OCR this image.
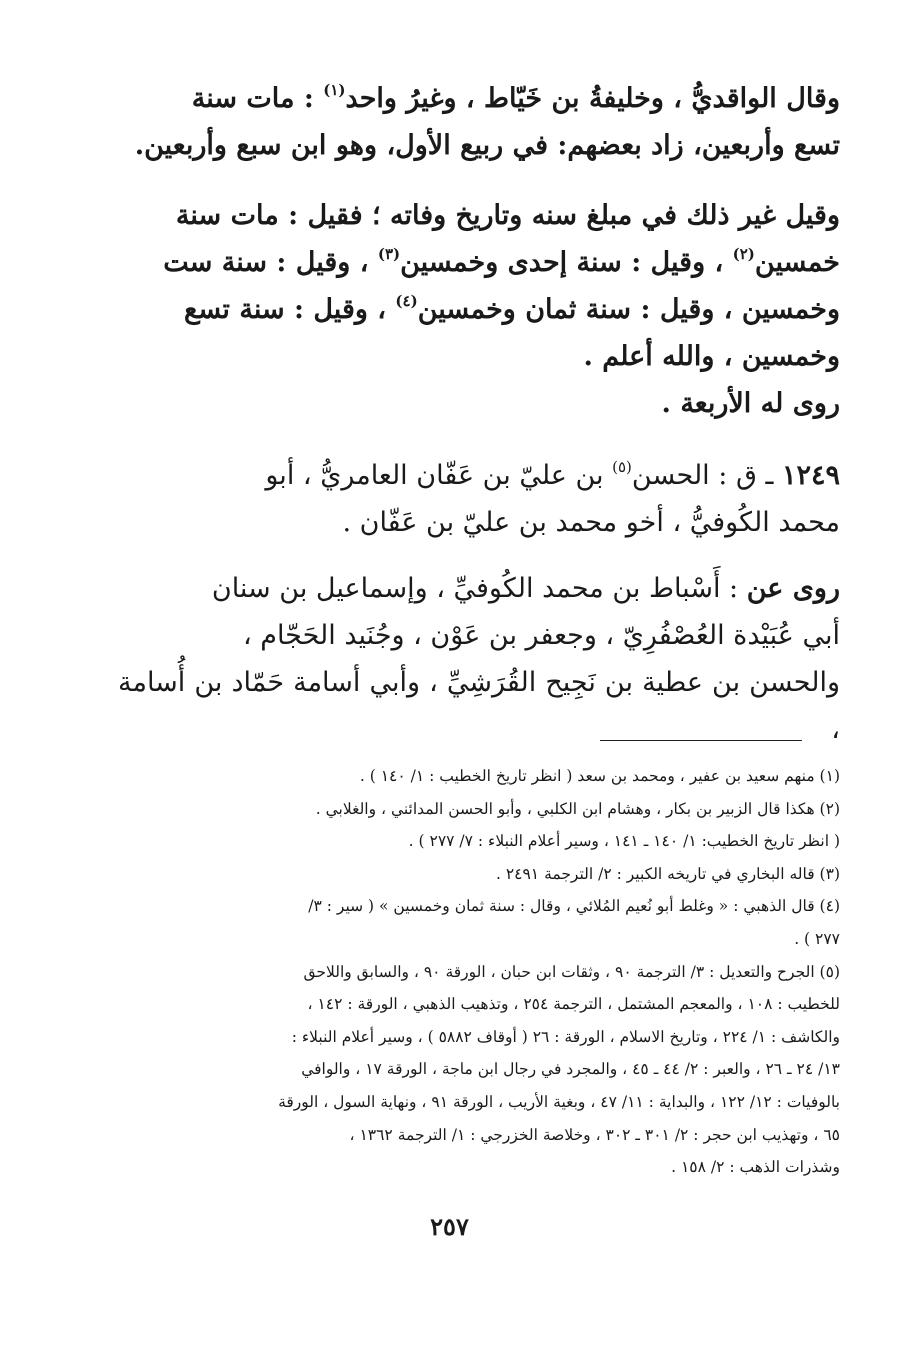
وقال الواقديُّ ، وخليفةُ بن خَيّاط ، وغيرُ واحد$^{(١)}$ : مات سنة
تسع وأربعين، زاد بعضهم: في ربيع الأول، وهو ابن سبع وأربعين.
وقيل غير ذلك في مبلغ سنه وتاريخ وفاته ؛ فقيل : مات سنة
خمسين$^{(٢)}$ ، وقيل : سنة إحدى وخمسين$^{(٣)}$ ، وقيل : سنة ست
وخمسين ، وقيل : سنة ثمان وخمسين$^{(٤)}$ ، وقيل : سنة تسع
وخمسين ، والله أعلم .
روى له الأربعة .
١٢٤٩ ـ ق : الحسن$^{(٥)}$ بن عليّ بن عَفّان العامريُّ ، أبو
محمد الكُوفيُّ ، أخو محمد بن عليّ بن عَفّان .
روى عن : أَسْباط بن محمد الكُوفيِّ ، وإسماعيل بن سنان
أبي عُبَيْدة العُصْفُرِيّ ، وجعفر بن عَوْن ، وجُنَيد الحَجّام ،
والحسن بن عطية بن نَجِيح القُرَشِيِّ ، وأبي أسامة حَمّاد بن أُسامة ،
(١) منهم سعيد بن عفير ، ومحمد بن سعد ( انظر تاريخ الخطيب : ١/ ١٤٠ ) .
(٢) هكذا قال الزبير بن بكار ، وهشام ابن الكلبي ، وأبو الحسن المدائني ، والغلابي .
( انظر تاريخ الخطيب: ١/ ١٤٠ ـ ١٤١ ، وسير أعلام النبلاء : ٧/ ٢٧٧ ) .
(٣) قاله البخاري في تاريخه الكبير : ٢/ الترجمة ٢٤٩١ .
(٤) قال الذهبي : « وغلط أبو نُعيم المُلائي ، وقال : سنة ثمان وخمسين » ( سير : ٣/
٢٧٧ ) .
(٥) الجرح والتعديل : ٣/ الترجمة ٩٠ ، وثقات ابن حبان ، الورقة ٩٠ ، والسابق واللاحق
للخطيب : ١٠٨ ، والمعجم المشتمل ، الترجمة ٢٥٤ ، وتذهيب الذهبي ، الورقة : ١٤٢ ،
والكاشف : ١/ ٢٢٤ ، وتاريخ الاسلام ، الورقة : ٢٦ ( أوقاف ٥٨٨٢ ) ، وسير أعلام النبلاء :
١٣/ ٢٤ ـ ٢٦ ، والعبر : ٢/ ٤٤ ـ ٤٥ ، والمجرد في رجال ابن ماجة ، الورقة ١٧ ، والوافي
بالوفيات : ١٢/ ١٢٢ ، والبداية : ١١/ ٤٧ ، وبغية الأريب ، الورقة ٩١ ، ونهاية السول ، الورقة
٦٥ ، وتهذيب ابن حجر : ٢/ ٣٠١ ـ ٣٠٢ ، وخلاصة الخزرجي : ١/ الترجمة ١٣٦٢ ،
وشذرات الذهب : ٢/ ١٥٨ .
٢٥٧
